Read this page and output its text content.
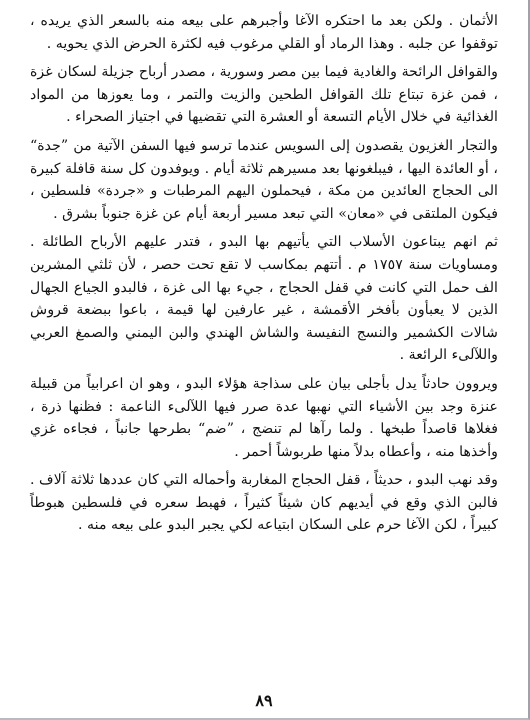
الأثمان . ولكن بعد ما احتكره الآغا وأجبرهم على بيعه منه بالسعر الذي يريده ، توقفوا عن جلبه . وهذا الرماد أو القلي مرغوب فيه لكثرة الحرض الذي يحويه .

والقوافل الرائحة والغادية فيما بين مصر وسورية ، مصدر أرباح جزيلة لسكان غزة ، فمن غزة تبتاع تلك القوافل الطحين والزيت والتمر ، وما يعوزها من المواد الغذائية في خلال الأيام التسعة أو العشرة التي تقضيها في اجتياز الصحراء .

والتجار الغزيون يقصدون إلى السويس عندما ترسو فيها السفن الآتية من ”جدة“ ، أو العائدة اليها ، فيبلغونها بعد مسيرهم ثلاثة أيام . ويوفدون كل سنة قافلة كبيرة الى الحجاج العائدين من مكة ، فيحملون اليهم المرطبات و «جردة» فلسطين ، فيكون الملتقى في «معان» التي تبعد مسير أربعة أيام عن غزة جنوباً بشرق .

ثم انهم يبتاعون الأسلاب التي يأتيهم بها البدو ، فتدر عليهم الأرباح الطائلة . ومساويات سنة ١٧٥٧ م . أتتهم بمكاسب لا تقع تحت حصر ، لأن ثلثي المشرين الف حمل التي كانت في قفل الحجاج ، جيء بها الى غزة ، فالبدو الجياع الجهال الذين لا يعبأون بأفخر الأقمشة ، غير عارفين لها قيمة ، باعوا ببضعة قروش شالات الكشمير والنسج النفيسة والشاش الهندي والبن اليمني والصمغ العربي واللآلىء الرائعة .

ويروون حادثاً يدل بأجلى بيان على سذاجة هؤلاء البدو ، وهو ان اعرابياً من قبيلة عنزة وجد بين الأشياء التي نهبها عدة صرر فيها اللآلىء الناعمة : فظنها ذرة ، فغلاها قاصداً طبخها . ولما رآها لم تنضج ، ”ضم“ بطرحها جانباً ، فجاءه غزي وأخذها منه ، وأعطاه بدلاً منها طربوشاً أحمر .

وقد نهب البدو ، حديثاً ، قفل الحجاج المغاربة وأحماله التي كان عددها ثلاثة آلاف . فالبن الذي وقع في أيديهم كان شيئاً كثيراً ، فهبط سعره في فلسطين هبوطاً كبيراً ، لكن الآغا حرم على السكان ابتياعه لكي يجبر البدو على بيعه منه .

٨٩
